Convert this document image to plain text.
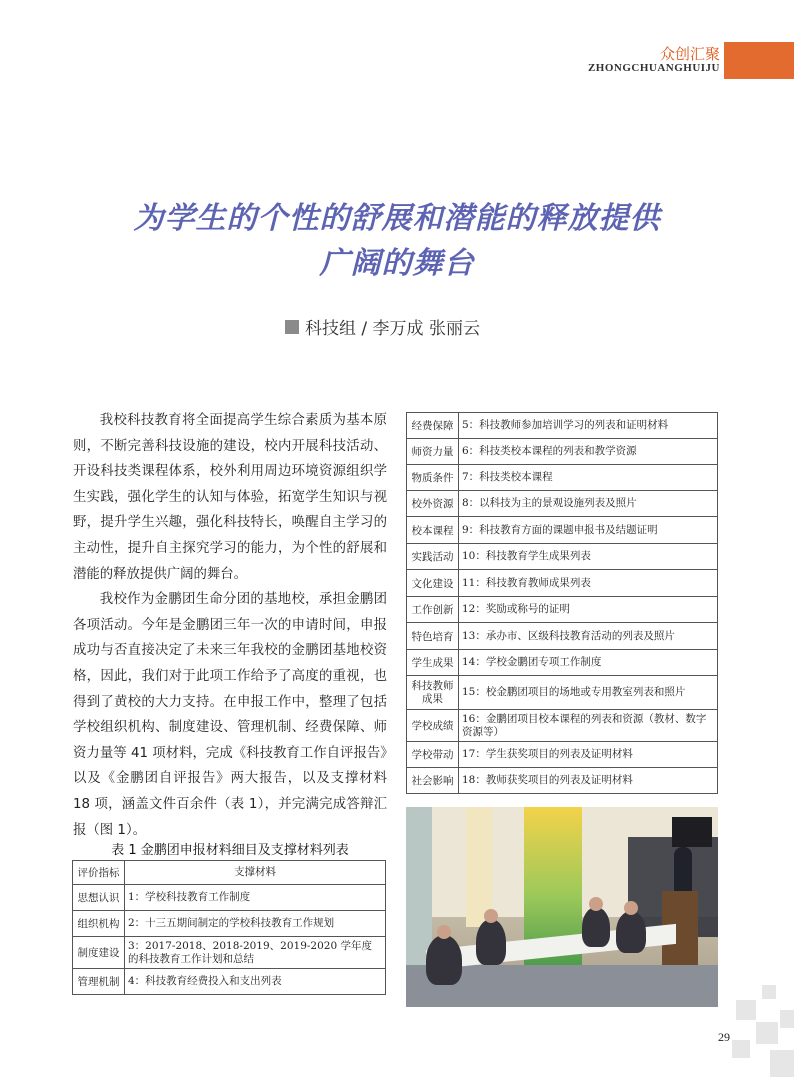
众创汇聚
ZHONGCHUANGHUIJU
为学生的个性的舒展和潜能的释放提供
广阔的舞台
科技组 / 李万成 张丽云

我校科技教育将全面提高学生综合素质为基本原则，不断完善科技设施的建设，校内开展科技活动、开设科技类课程体系，校外利用周边环境资源组织学生实践，强化学生的认知与体验，拓宽学生知识与视野，提升学生兴趣，强化科技特长，唤醒自主学习的主动性，提升自主探究学习的能力，为个性的舒展和潜能的释放提供广阔的舞台。

我校作为金鹏团生命分团的基地校，承担金鹏团各项活动。今年是金鹏团三年一次的申请时间，申报成功与否直接决定了未来三年我校的金鹏团基地校资格，因此，我们对于此项工作给予了高度的重视，也得到了黄校的大力支持。在申报工作中，整理了包括学校组织机构、制度建设、管理机制、经费保障、师资力量等 41 项材料，完成《科技教育工作自评报告》以及《金鹏团自评报告》两大报告，以及支撑材料 18 项，涵盖文件百余件（表 1），并完满完成答辩汇报（图 1）。

表 1 金鹏团申报材料细目及支撑材料列表
评价指标	支撑材料
思想认识	1：学校科技教育工作制度
组织机构	2：十三五期间制定的学校科技教育工作规划
制度建设	3：2017-2018、2018-2019、2019-2020 学年度的科技教育工作计划和总结
管理机制	4：科技教育经费投入和支出列表
经费保障	5：科技教师参加培训学习的列表和证明材料
师资力量	6：科技类校本课程的列表和教学资源
物质条件	7：科技类校本课程
校外资源	8：以科技为主的景观设施列表及照片
校本课程	9：科技教育方面的课题申报书及结题证明
实践活动	10：科技教育学生成果列表
文化建设	11：科技教育教师成果列表
工作创新	12：奖励或称号的证明
特色培育	13：承办市、区级科技教育活动的列表及照片
学生成果	14：学校金鹏团专项工作制度
科技教师成果	15：校金鹏团项目的场地或专用教室列表和照片
学校成绩	16：金鹏团项目校本课程的列表和资源（教材、数字资源等）
学校带动	17：学生获奖项目的列表及证明材料
社会影响	18：教师获奖项目的列表及证明材料
29
